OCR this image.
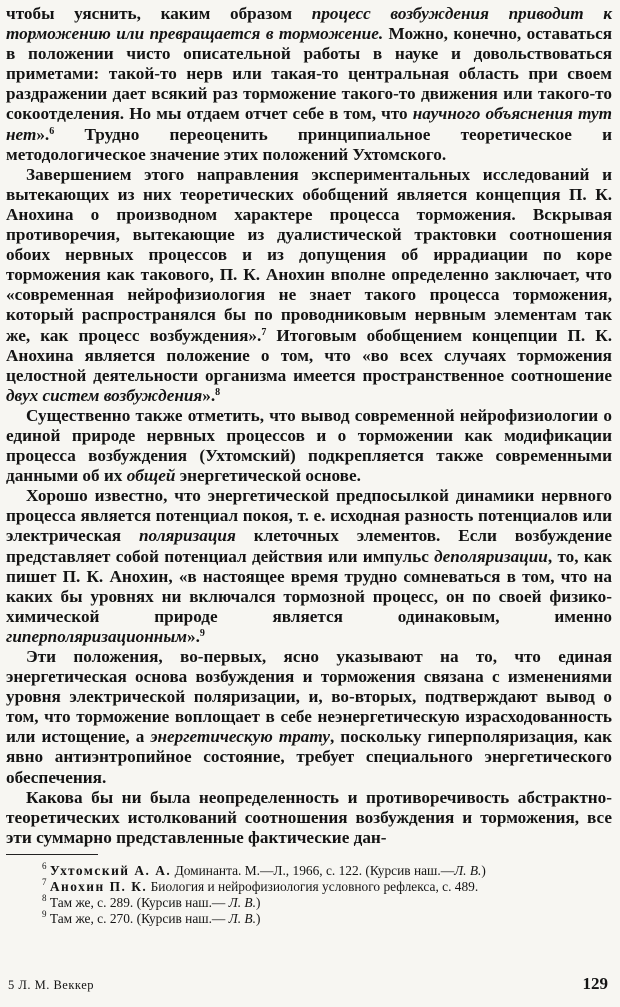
чтобы уяснить, каким образом процесс возбуждения приводит к торможению или превращается в торможение. Можно, конечно, оставаться в положении чисто описательной работы в науке и довольствоваться приметами: такой-то нерв или такая-то центральная область при своем раздражении дает всякий раз торможение такого-то движения или такого-то сокоотделения. Но мы отдаем отчет себе в том, что научного объяснения тут нет».$^6$ Трудно переоценить принципиальное теоретическое и методологическое значение этих положений Ухтомского.

Завершением этого направления экспериментальных исследований и вытекающих из них теоретических обобщений является концепция П. К. Анохина о производном характере процесса торможения. Вскрывая противоречия, вытекающие из дуалистической трактовки соотношения обоих нервных процессов и из допущения об иррадиации по коре торможения как такового, П. К. Анохин вполне определенно заключает, что «современная нейрофизиология не знает такого процесса торможения, который распространялся бы по проводниковым нервным элементам так же, как процесс возбуждения».$^7$ Итоговым обобщением концепции П. К. Анохина является положение о том, что «во всех случаях торможения целостной деятельности организма имеется пространственное соотношение двух систем возбуждения».$^8$

Существенно также отметить, что вывод современной нейрофизиологии о единой природе нервных процессов и о торможении как модификации процесса возбуждения (Ухтомский) подкрепляется также современными данными об их общей энергетической основе.

Хорошо известно, что энергетической предпосылкой динамики нервного процесса является потенциал покоя, т. е. исходная разность потенциалов или электрическая поляризация клеточных элементов. Если возбуждение представляет собой потенциал действия или импульс деполяризации, то, как пишет П. К. Анохин, «в настоящее время трудно сомневаться в том, что на каких бы уровнях ни включался тормозной процесс, он по своей физико-химической природе является одинаковым, именно гиперполяризационным».$^9$

Эти положения, во-первых, ясно указывают на то, что единая энергетическая основа возбуждения и торможения связана с изменениями уровня электрической поляризации, и, во-вторых, подтверждают вывод о том, что торможение воплощает в себе неэнергетическую израсходованность или истощение, а энергетическую трату, поскольку гиперполяризация, как явно антиэнтропийное состояние, требует специального энергетического обеспечения.

Какова бы ни была неопределенность и противоречивость абстрактно-теоретических истолкований соотношения возбуждения и торможения, все эти суммарно представленные фактические дан-

$^6$ Ухтомский А. А. Доминанта. М.—Л., 1966, с. 122. (Курсив наш.—Л. В.)

$^7$ Анохин П. К. Биология и нейрофизиология условного рефлекса, с. 489.

$^8$ Там же, с. 289. (Курсив наш.— Л. В.)

$^9$ Там же, с. 270. (Курсив наш.— Л. В.)

5 Л. М. Веккер	129
